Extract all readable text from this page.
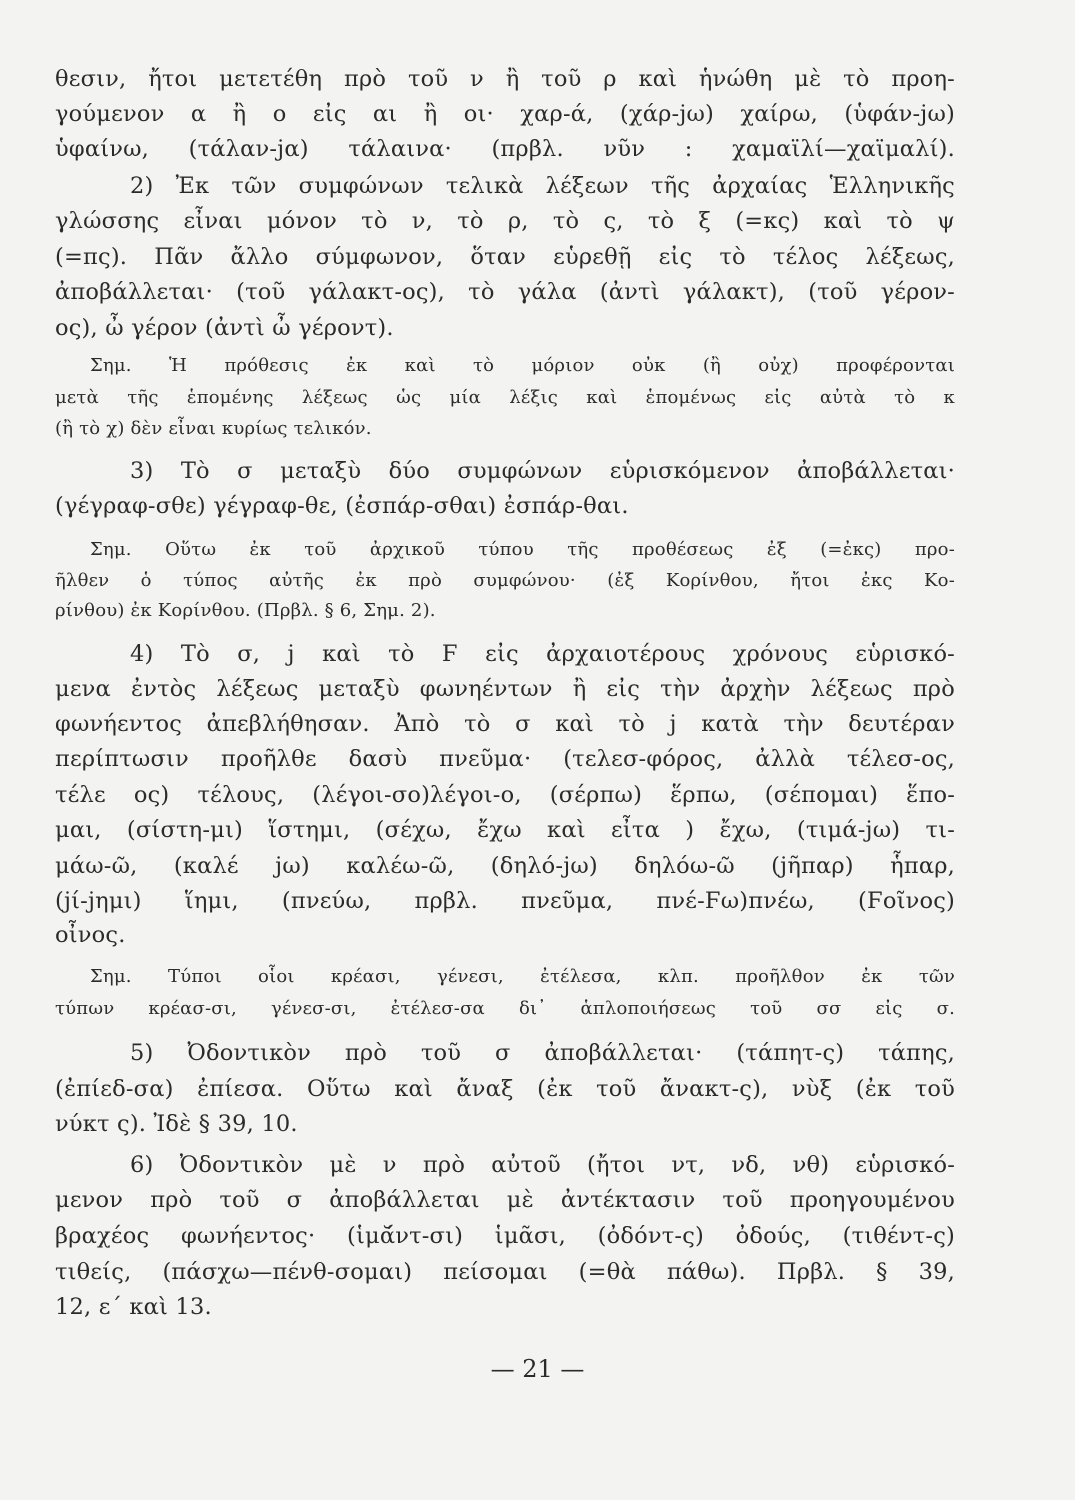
θεσιν, ἤτοι μετετέθη πρὸ τοῦ ν ἢ τοῦ ρ καὶ ἡνώθη μὲ τὸ προη-
γούμενον α ἢ ο εἰς αι ἢ οι· χαρ-ά, (χάρ-jω) χαίρω, (ὑφάν-jω)
ὑφαίνω, (τάλαν-jα) τάλαινα· (πρβλ. νῦν : χαμαϊλί—χαϊμαλί).
2) Ἐκ τῶν συμφώνων τελικὰ λέξεων τῆς ἀρχαίας Ἑλληνικῆς
γλώσσης εἶναι μόνον τὸ ν, τὸ ρ, τὸ ς, τὸ ξ (=κς) καὶ τὸ ψ
(=πς). Πᾶν ἄλλο σύμφωνον, ὅταν εὑρεθῇ εἰς τὸ τέλος λέξεως,
ἀποβάλλεται· (τοῦ γάλακτ-ος), τὸ γάλα (ἀντὶ γάλακτ), (τοῦ γέρον-
ος), ὦ γέρον (ἀντὶ ὦ γέροντ).
Σημ. Ἡ πρόθεσις ἐκ καὶ τὸ μόριον οὐκ (ἢ οὐχ) προφέρονται
μετὰ τῆς ἑπομένης λέξεως ὡς μία λέξις καὶ ἑπομένως εἰς αὐτὰ τὸ κ
(ἢ τὸ χ) δὲν εἶναι κυρίως τελικόν.
3) Τὸ σ μεταξὺ δύο συμφώνων εὑρισκόμενον ἀποβάλλεται·
(γέγραφ-σθε) γέγραφ-θε, (ἐσπάρ-σθαι) ἐσπάρ-θαι.
Σημ. Οὕτω ἐκ τοῦ ἀρχικοῦ τύπου τῆς προθέσεως ἐξ (=ἐκς) προ-
ῆλθεν ὁ τύπος αὐτῆς ἐκ πρὸ συμφώνου· (ἐξ Κορίνθου, ἤτοι ἐκς Κο-
ρίνθου) ἐκ Κορίνθου. (Πρβλ. § 6, Σημ. 2).
4) Τὸ σ, j καὶ τὸ Ϝ εἰς ἀρχαιοτέρους χρόνους εὑρισκό-
μενα ἐντὸς λέξεως μεταξὺ φωνηέντων ἢ εἰς τὴν ἀρχὴν λέξεως πρὸ
φωνήεντος ἀπεβλήθησαν. Ἀπὸ τὸ σ καὶ τὸ j κατὰ τὴν δευτέραν
περίπτωσιν προῆλθε δασὺ πνεῦμα· (τελεσ-φόρος, ἀλλὰ τέλεσ-ος,
τέλε ος) τέλους, (λέγοι-σο)λέγοι-ο, (σέρπω) ἕρπω, (σέπομαι) ἕπο-
μαι, (σίστη-μι) ἵστημι, (σέχω, ἔχω καὶ εἶτα ) ἔχω, (τιμά-jω) τι-
μάω-ῶ, (καλέ jω) καλέω-ῶ, (δηλό-jω) δηλόω-ῶ (jῆπαρ) ἧπαρ,
(jί-jημι) ἵημι, (πνεύω, πρβλ. πνεῦμα, πνέ-Ϝω)πνέω, (Ϝοῖνος)
οἶνος.
Σημ. Τύποι οἷοι κρέασι, γένεσι, ἐτέλεσα, κλπ. προῆλθον ἐκ τῶν
τύπων κρέασ-σι, γένεσ-σι, ἐτέλεσ-σα δι᾽ ἁπλοποιήσεως τοῦ σσ εἰς σ.
5) Ὀδοντικὸν πρὸ τοῦ σ ἀποβάλλεται· (τάπητ-ς) τάπης,
(ἐπίεδ-σα) ἐπίεσα. Οὕτω καὶ ἄναξ (ἐκ τοῦ ἄνακτ-ς), νὺξ (ἐκ τοῦ
νύκτ ς). Ἰδὲ § 39, 10.
6) Ὀδοντικὸν μὲ ν πρὸ αὐτοῦ (ἤτοι ντ, νδ, νθ) εὑρισκό-
μενον πρὸ τοῦ σ ἀποβάλλεται μὲ ἀντέκτασιν τοῦ προηγουμένου
βραχέος φωνήεντος· (ἱμᾰ́ντ-σι) ἱμᾶσι, (ὀδόντ-ς) ὀδούς, (τιθέντ-ς)
τιθείς, (πάσχω—πένθ-σομαι) πείσομαι (=θὰ πάθω). Πρβλ. § 39,
12, ε΄ καὶ 13.
— 21 —
